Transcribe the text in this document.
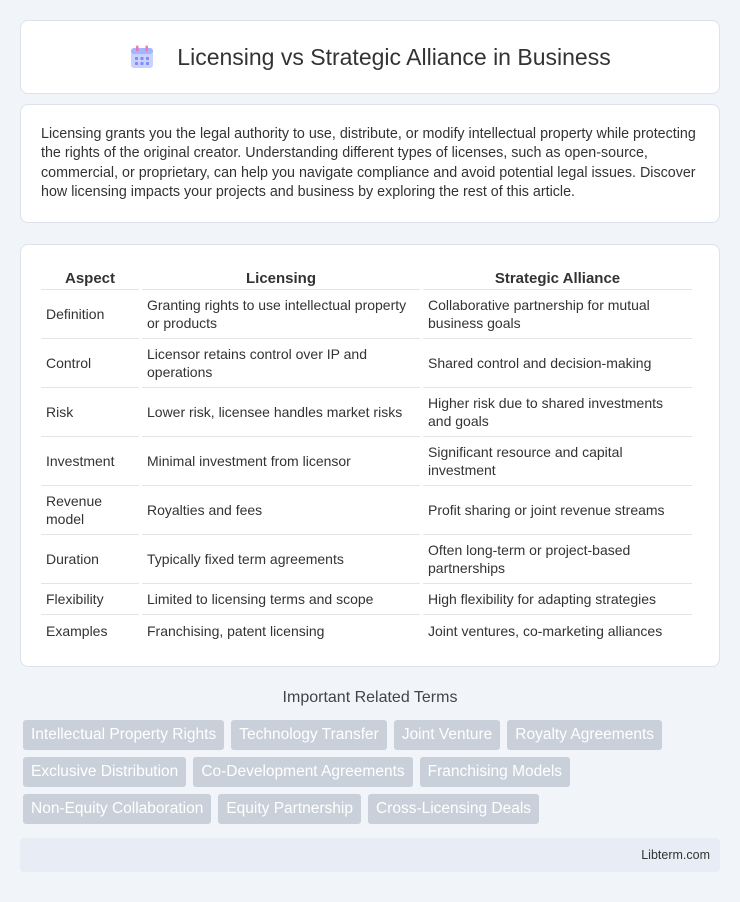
Licensing vs Strategic Alliance in Business

Licensing grants you the legal authority to use, distribute, or modify intellectual property while protecting the rights of the original creator. Understanding different types of licenses, such as open-source, commercial, or proprietary, can help you navigate compliance and avoid potential legal issues. Discover how licensing impacts your projects and business by exploring the rest of this article.

Aspect	Licensing	Strategic Alliance
Definition	Granting rights to use intellectual property or products	Collaborative partnership for mutual business goals
Control	Licensor retains control over IP and operations	Shared control and decision-making
Risk	Lower risk, licensee handles market risks	Higher risk due to shared investments and goals
Investment	Minimal investment from licensor	Significant resource and capital investment
Revenue model	Royalties and fees	Profit sharing or joint revenue streams
Duration	Typically fixed term agreements	Often long-term or project-based partnerships
Flexibility	Limited to licensing terms and scope	High flexibility for adapting strategies
Examples	Franchising, patent licensing	Joint ventures, co-marketing alliances
Important Related Terms
Intellectual Property Rights	Technology Transfer	Joint Venture	Royalty Agreements
Exclusive Distribution	Co-Development Agreements	Franchising Models
Non-Equity Collaboration	Equity Partnership	Cross-Licensing Deals
Libterm.com
